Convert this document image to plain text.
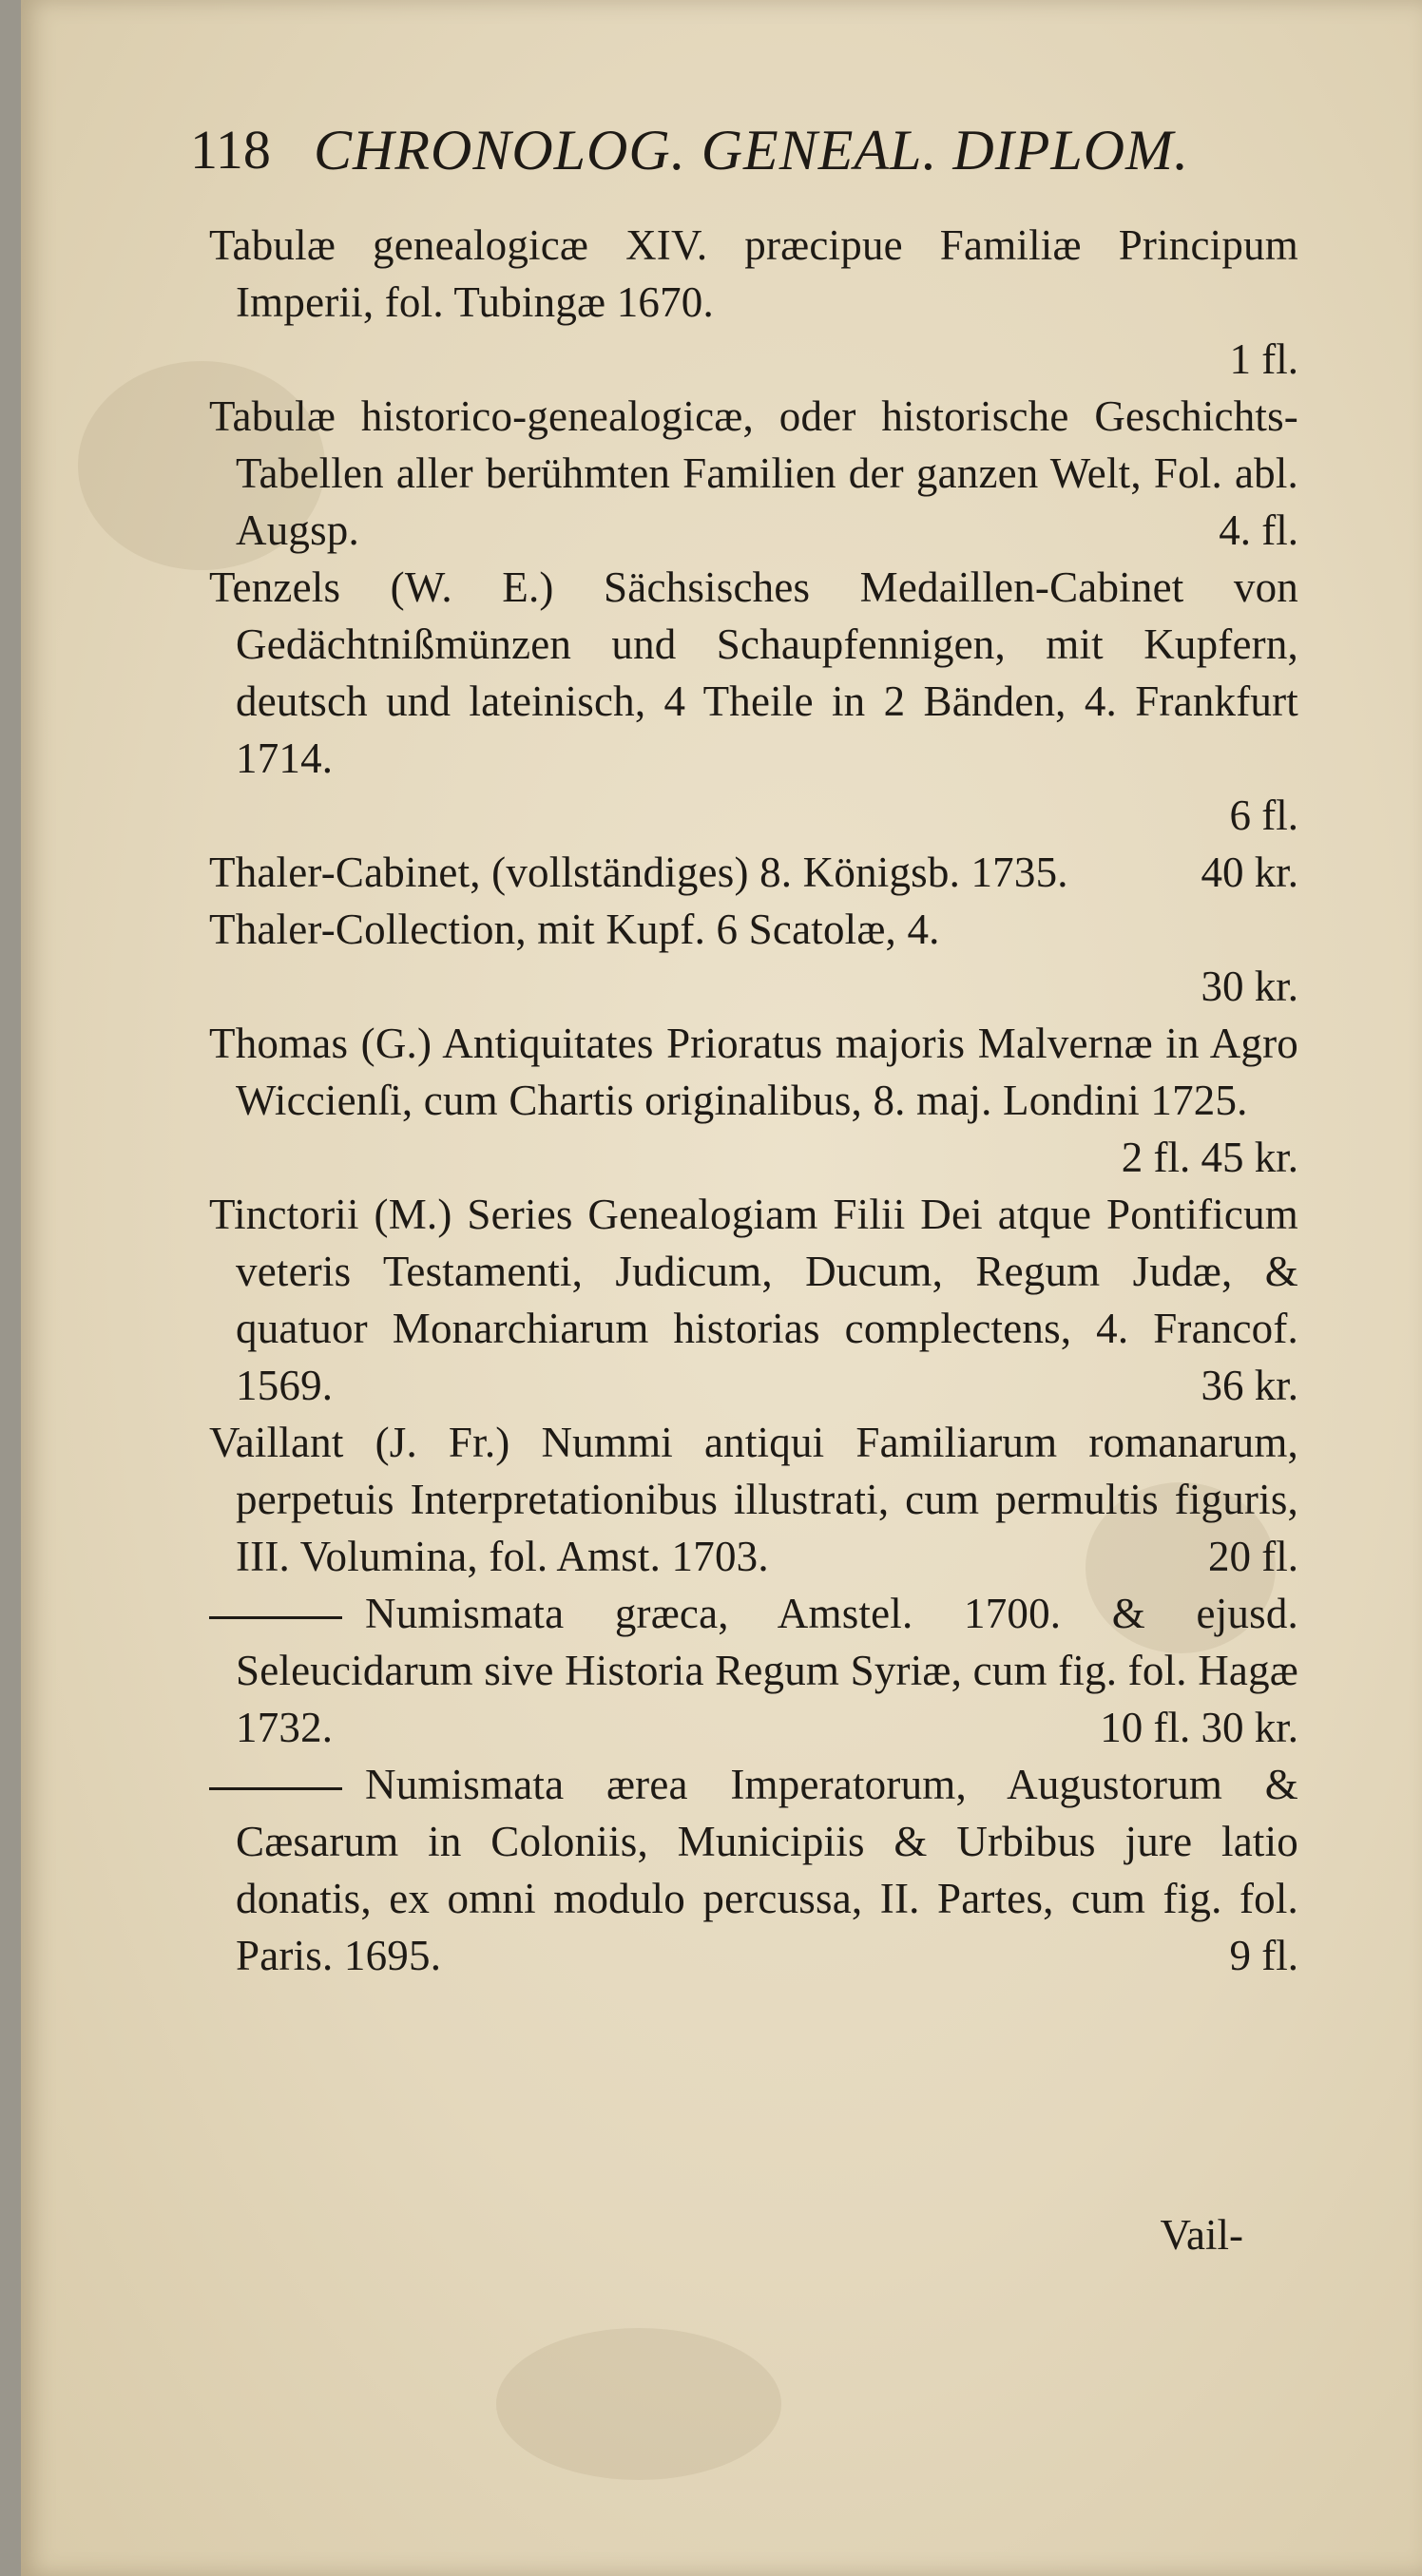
118 CHRONOLOG. GENEAL. DIPLOM.

Tabulæ genealogicæ XIV. præcipue Familiæ Principum Imperii, fol. Tubingæ 1670.
1 fl.

Tabulæ historico-genealogicæ, oder historische Geschichts-Tabellen aller berühmten Familien der ganzen Welt, Fol. abl. Augsp.	4. fl.

Tenzels (W. E.) Sächsisches Medaillen-Cabinet von Gedächtnißmünzen und Schaupfennigen, mit Kupfern, deutsch und lateinisch, 4 Theile in 2 Bänden, 4. Frankfurt 1714.
6 fl.

Thaler-Cabinet, (vollständiges) 8. Königsb. 1735.	40 kr.

Thaler-Collection, mit Kupf. 6 Scatolæ, 4.
30 kr.

Thomas (G.) Antiquitates Prioratus majoris Malvernæ in Agro Wiccienſi, cum Chartis originalibus, 8. maj. Londini 1725.
2 fl. 45 kr.

Tinctorii (M.) Series Genealogiam Filii Dei atque Pontificum veteris Testamenti, Judicum, Ducum, Regum Judæ, & quatuor Monarchiarum historias complectens, 4. Francof. 1569.	36 kr.

Vaillant (J. Fr.) Nummi antiqui Familiarum romanarum, perpetuis Interpretationibus illustrati, cum permultis figuris, III. Volumina, fol. Amst. 1703.	20 fl.

Numismata græca, Amstel. 1700. & ejusd. Seleucidarum sive Historia Regum Syriæ, cum fig. fol. Hagæ 1732.	10 fl. 30 kr.

Numismata ærea Imperatorum, Augustorum & Cæsarum in Coloniis, Municipiis & Urbibus jure latio donatis, ex omni modulo percussa, II. Partes, cum fig. fol. Paris. 1695.	9 fl.

Vail-
